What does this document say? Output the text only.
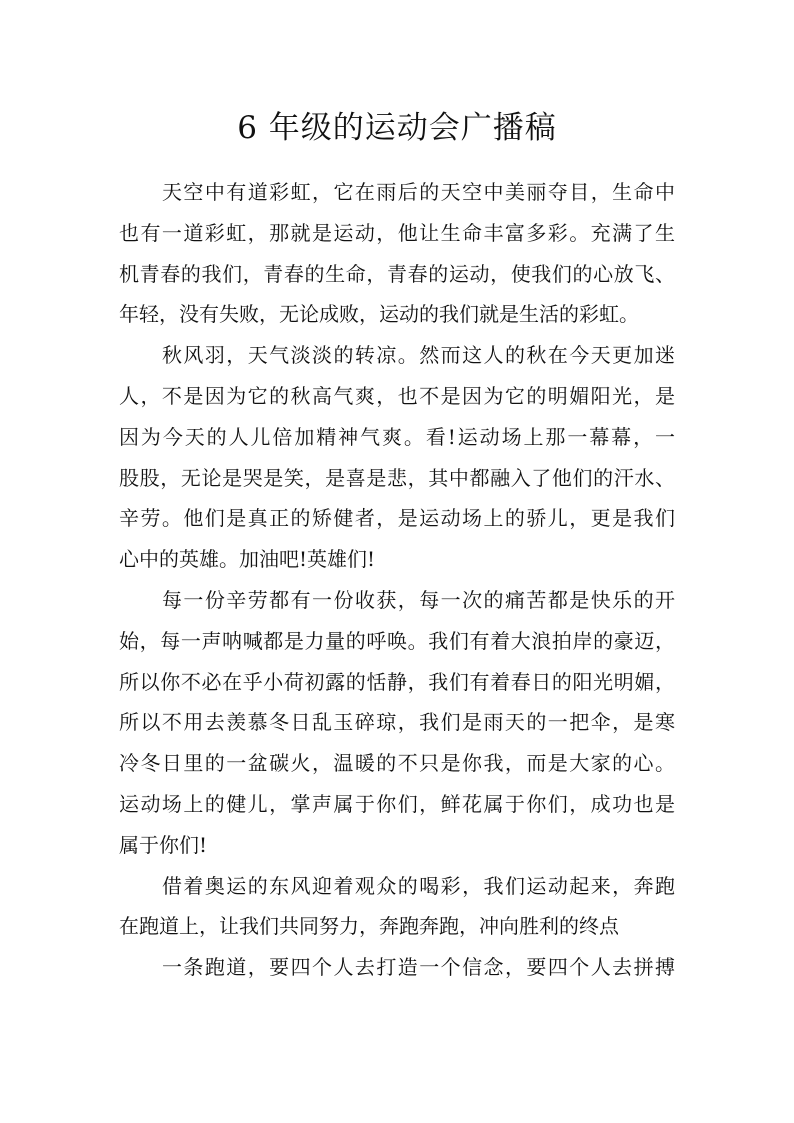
6 年级的运动会广播稿

天空中有道彩虹，它在雨后的天空中美丽夺目，生命中
也有一道彩虹，那就是运动，他让生命丰富多彩。充满了生
机青春的我们，青春的生命，青春的运动，使我们的心放飞、
年轻，没有失败，无论成败，运动的我们就是生活的彩虹。

秋风羽，天气淡淡的转凉。然而这人的秋在今天更加迷
人，不是因为它的秋高气爽，也不是因为它的明媚阳光，是
因为今天的人儿倍加精神气爽。看!运动场上那一幕幕，一
股股，无论是哭是笑，是喜是悲，其中都融入了他们的汗水、
辛劳。他们是真正的矫健者，是运动场上的骄儿，更是我们
心中的英雄。加油吧!英雄们!

每一份辛劳都有一份收获，每一次的痛苦都是快乐的开
始，每一声呐喊都是力量的呼唤。我们有着大浪拍岸的豪迈，
所以你不必在乎小荷初露的恬静，我们有着春日的阳光明媚，
所以不用去羡慕冬日乱玉碎琼，我们是雨天的一把伞，是寒
冷冬日里的一盆碳火，温暖的不只是你我，而是大家的心。
运动场上的健儿，掌声属于你们，鲜花属于你们，成功也是
属于你们!

借着奥运的东风迎着观众的喝彩，我们运动起来，奔跑
在跑道上，让我们共同努力，奔跑奔跑，冲向胜利的终点

一条跑道，要四个人去打造一个信念，要四个人去拼搏
